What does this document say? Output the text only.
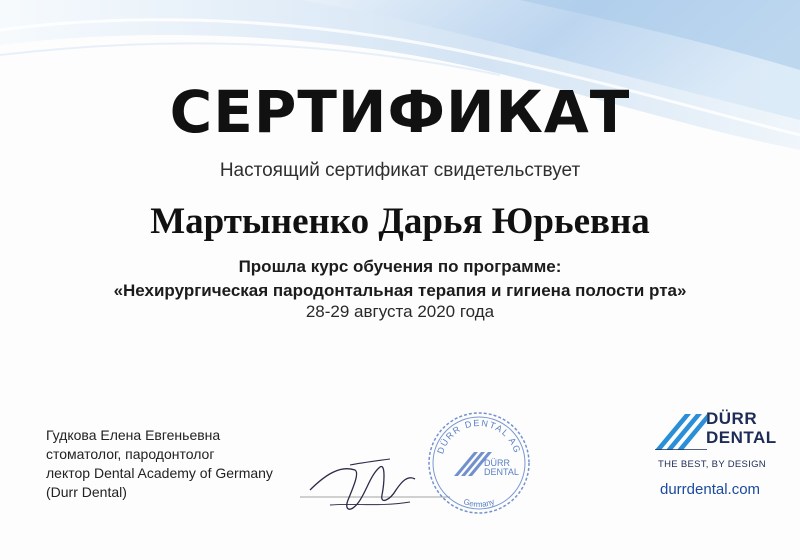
СЕРТИФИКАТ
Настоящий сертификат свидетельствует
Мартыненко Дарья Юрьевна
Прошла курс обучения по программе:
«Нехирургическая пародонтальная терапия и гигиена полости рта»
28-29 августа 2020 года
Гудкова Елена Евгеньевна
стоматолог, пародонтолог
лектор Dental Academy of Germany
(Durr Dental)
DÜRR DENTAL AG
Germany
DÜRR
DENTAL
DÜRR
DENTAL
THE BEST, BY DESIGN
durrdental.com
